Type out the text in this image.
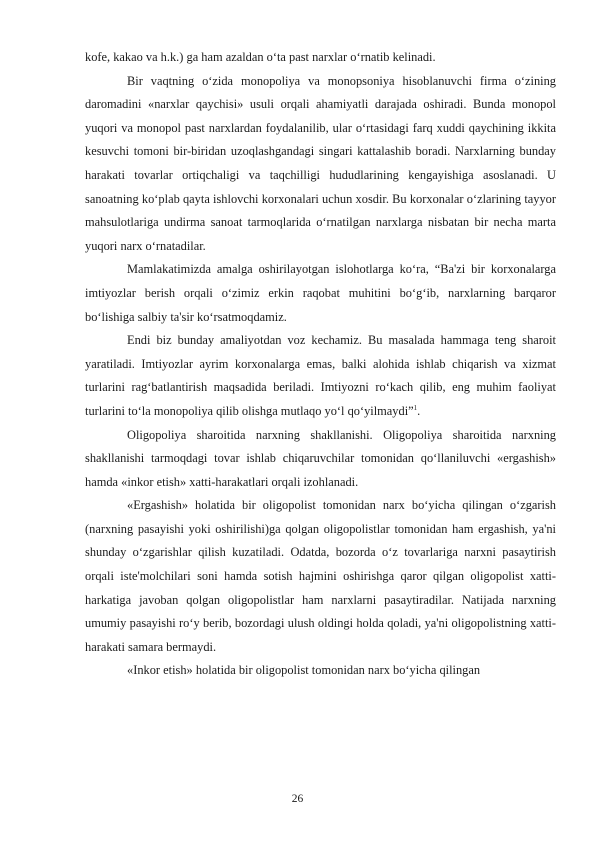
kofe, kakao va h.k.) ga ham azaldan o‘ta past narxlar o‘rnatib kelinadi.

Bir vaqtning o‘zida monopoliya va monopsoniya hisoblanuvchi firma o‘zining daromadini «narxlar qaychisi» usuli orqali ahamiyatli darajada oshiradi. Bunda monopol yuqori va monopol past narxlardan foydalanilib, ular o‘rtasidagi farq xuddi qaychining ikkita kesuvchi tomoni bir-biridan uzoqlashgandagi singari kattalashib boradi. Narxlarning bunday harakati tovarlar ortiqchaligi va taqchilligi hududlarining kengayishiga asoslanadi. U sanoatning ko‘plab qayta ishlovchi korxonalari uchun xosdir. Bu korxonalar o‘zlarining tayyor mahsulotlariga undirma sanoat tarmoqlarida o‘rnatilgan narxlarga nisbatan bir necha marta yuqori narx o‘rnatadilar.

Mamlakatimizda amalga oshirilayotgan islohotlarga ko‘ra, “Ba'zi bir korxonalarga imtiyozlar berish orqali o‘zimiz erkin raqobat muhitini bo‘g‘ib, narxlarning barqaror bo‘lishiga salbiy ta'sir ko‘rsatmoqdamiz.

Endi biz bunday amaliyotdan voz kechamiz. Bu masalada hammaga teng sharoit yaratiladi. Imtiyozlar ayrim korxonalarga emas, balki alohida ishlab chiqarish va xizmat turlarini rag‘batlantirish maqsadida beriladi. Imtiyozni ro‘kach qilib, eng muhim faoliyat turlarini to‘la monopoliya qilib olishga mutlaqo yo‘l qo‘yilmaydi”$^1$.

Oligopoliya sharoitida narxning shakllanishi. Oligopoliya sharoitida narxning shakllanishi tarmoqdagi tovar ishlab chiqaruvchilar tomonidan qo‘llaniluvchi «ergashish» hamda «inkor etish» xatti-harakatlari orqali izohlanadi.

«Ergashish» holatida bir oligopolist tomonidan narx bo‘yicha qilingan o‘zgarish (narxning pasayishi yoki oshirilishi)ga qolgan oligopolistlar tomonidan ham ergashish, ya'ni shunday o‘zgarishlar qilish kuzatiladi. Odatda, bozorda o‘z tovarlariga narxni pasaytirish orqali iste'molchilari soni hamda sotish hajmini oshirishga qaror qilgan oligopolist xatti-harkatiga javoban qolgan oligopolistlar ham narxlarni pasaytiradilar. Natijada narxning umumiy pasayishi ro‘y berib, bozordagi ulush oldingi holda qoladi, ya'ni oligopolistning xatti-harakati samara bermaydi.

«Inkor etish» holatida bir oligopolist tomonidan narx bo‘yicha qilingan

26
